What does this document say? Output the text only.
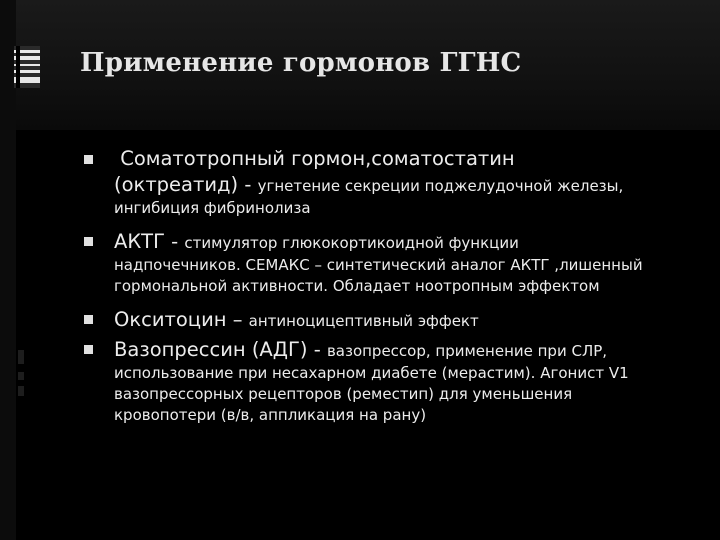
Применение гормонов ГГНС
Соматотропный гормон,соматостатин
(октреатид) - угнетение секреции поджелудочной железы,
ингибиция фибринолиза
АКТГ - стимулятор глюкокортикоидной функции
надпочечников. СЕМАКС – синтетический аналог АКТГ ,лишенный гормональной активности. Обладает ноотропным эффектом
Окситоцин – антиноцицептивный эффект
Вазопрессин (АДГ) - вазопрессор, применение при СЛР,
использование при несахарном диабете (мерастим). Агонист V1 вазопрессорных рецепторов (реместип) для уменьшения кровопотери (в/в, аппликация на рану)
